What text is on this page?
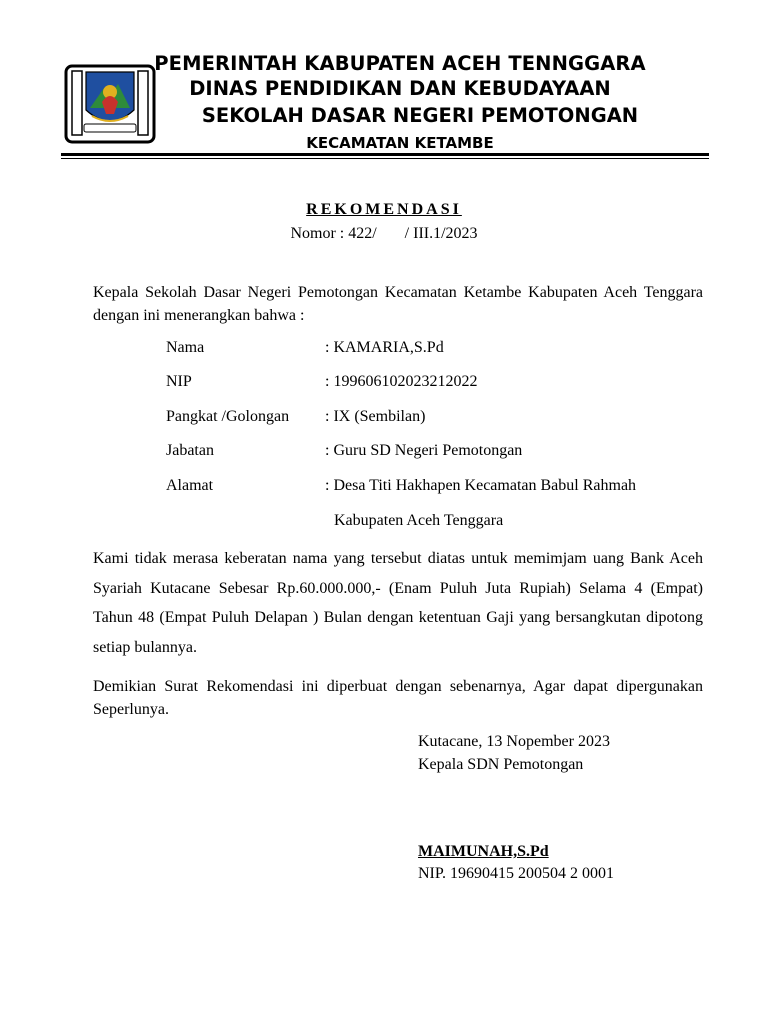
PEMERINTAH KABUPATEN ACEH TENNGGARA
DINAS PENDIDIKAN DAN KEBUDAYAAN
SEKOLAH DASAR NEGERI PEMOTONGAN
KECAMATAN KETAMBE
REKOMENDASI
Nomor : 422/       / III.1/2023
Kepala Sekolah Dasar Negeri Pemotongan Kecamatan Ketambe Kabupaten Aceh Tenggara dengan ini menerangkan bahwa :
Nama	: KAMARIA,S.Pd
NIP	: 199606102023212022
Pangkat /Golongan : IX (Sembilan)
Jabatan	: Guru SD Negeri Pemotongan
Alamat	: Desa Titi Hakhapen Kecamatan Babul Rahmah
Kabupaten Aceh Tenggara
Kami tidak merasa keberatan nama yang tersebut diatas untuk memimjam uang Bank Aceh Syariah Kutacane Sebesar Rp.60.000.000,- (Enam Puluh Juta Rupiah) Selama 4 (Empat) Tahun 48 (Empat Puluh Delapan ) Bulan dengan ketentuan Gaji yang bersangkutan dipotong setiap bulannya.
Demikian Surat Rekomendasi ini diperbuat dengan sebenarnya, Agar dapat dipergunakan Seperlunya.
Kutacane, 13 Nopember 2023
Kepala SDN Pemotongan
MAIMUNAH,S.Pd
NIP. 19690415 200504 2 0001
